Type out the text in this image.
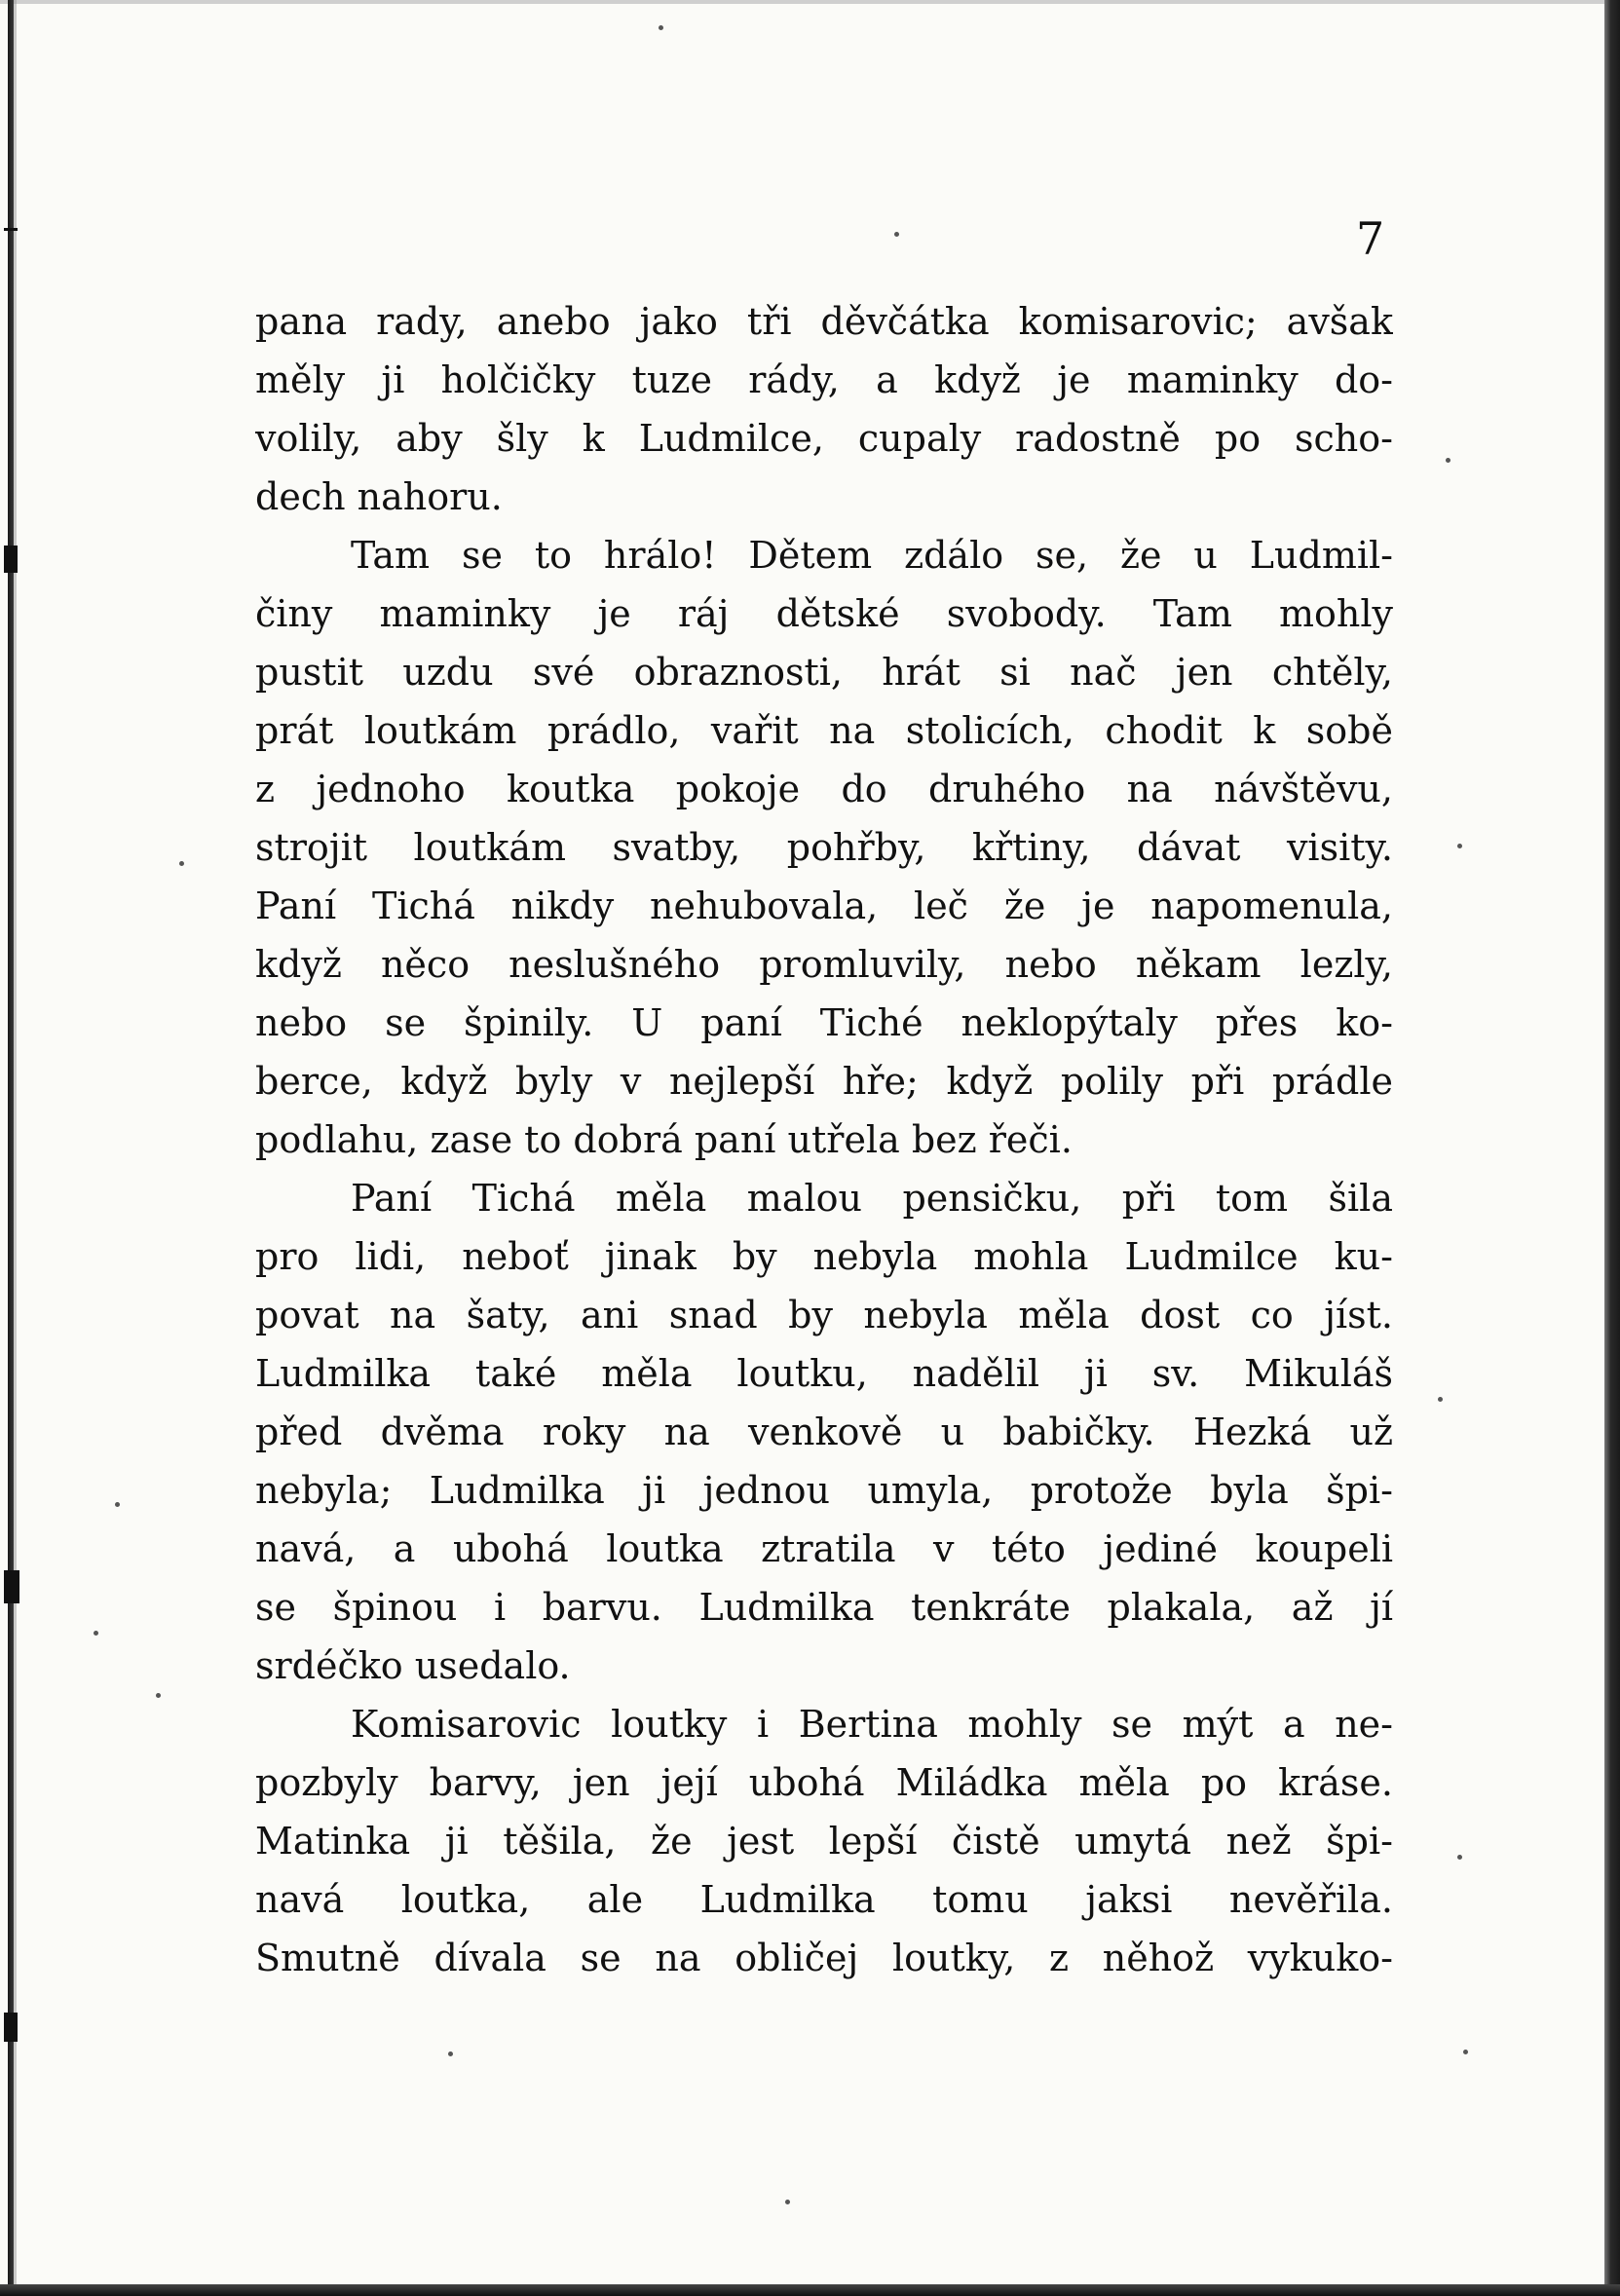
7

pana rady, anebo jako tři děvčátka komisarovic; avšak
měly ji holčičky tuze rády, a když je maminky do-
volily, aby šly k Ludmilce, cupaly radostně po scho-
dech nahoru.
Tam se to hrálo! Dětem zdálo se, že u Ludmil-
činy maminky je ráj dětské svobody. Tam mohly
pustit uzdu své obraznosti, hrát si nač jen chtěly,
prát loutkám prádlo, vařit na stolicích, chodit k sobě
z jednoho koutka pokoje do druhého na návštěvu,
strojit loutkám svatby, pohřby, křtiny, dávat visity.
Paní Tichá nikdy nehubovala, leč že je napomenula,
když něco neslušného promluvily, nebo někam lezly,
nebo se špinily. U paní Tiché neklopýtaly přes ko-
berce, když byly v nejlepší hře; když polily při prádle
podlahu, zase to dobrá paní utřela bez řeči.
Paní Tichá měla malou pensičku, při tom šila
pro lidi, neboť jinak by nebyla mohla Ludmilce ku-
povat na šaty, ani snad by nebyla měla dost co jíst.
Ludmilka také měla loutku, nadělil ji sv. Mikuláš
před dvěma roky na venkově u babičky. Hezká už
nebyla; Ludmilka ji jednou umyla, protože byla špi-
navá, a ubohá loutka ztratila v této jediné koupeli
se špinou i barvu. Ludmilka tenkráte plakala, až jí
srdéčko usedalo.
Komisarovic loutky i Bertina mohly se mýt a ne-
pozbyly barvy, jen její ubohá Miládka měla po kráse.
Matinka ji těšila, že jest lepší čistě umytá než špi-
navá loutka, ale Ludmilka tomu jaksi nevěřila.
Smutně dívala se na obličej loutky, z něhož vykuko-
